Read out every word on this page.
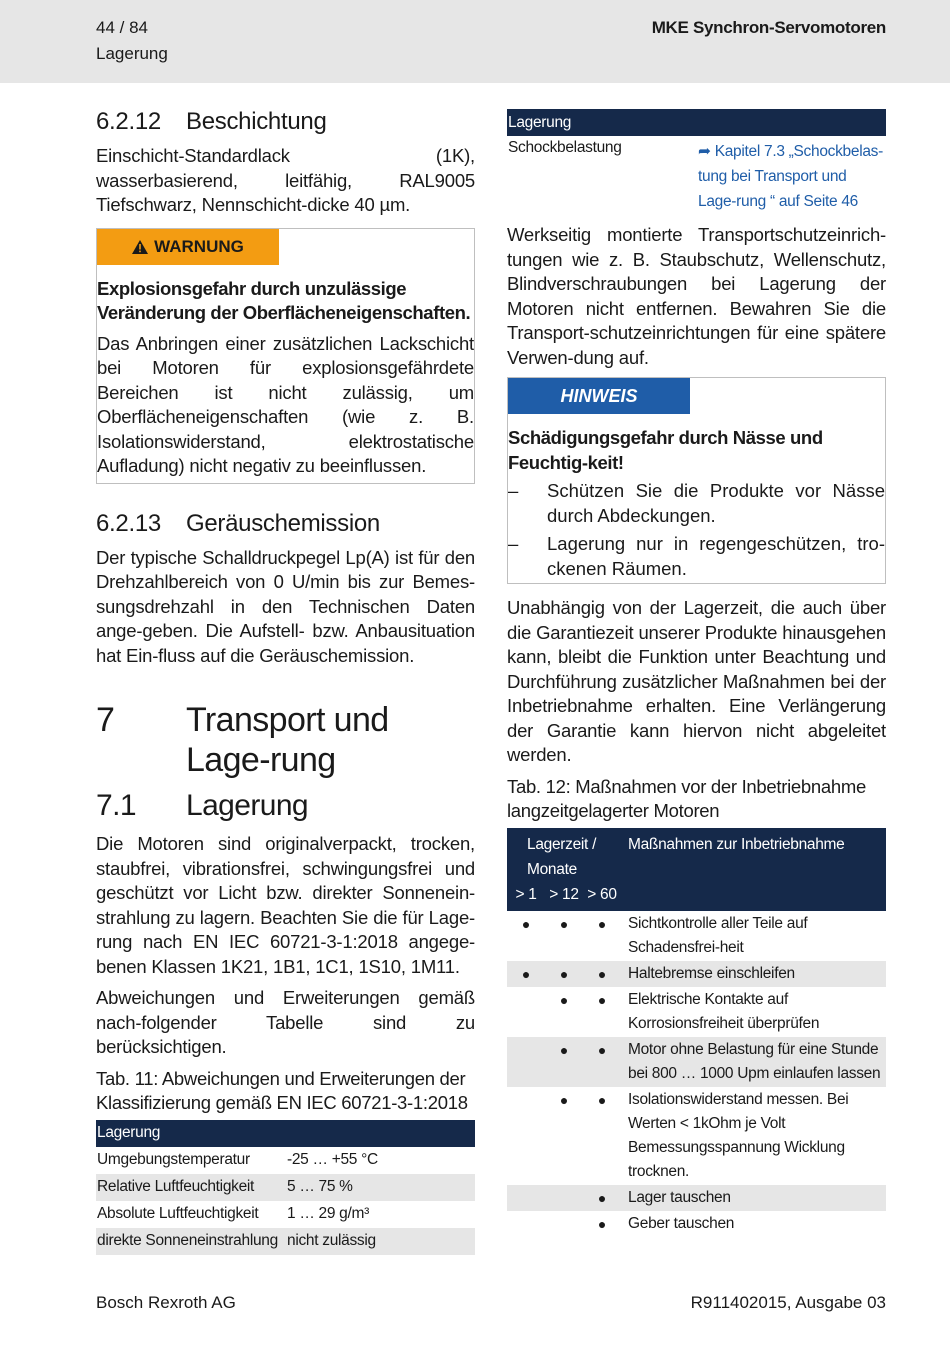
44 / 84
Lagerung
MKE Synchron-Servomotoren
6.2.12	Beschichtung
Einschicht-Standardlack (1K), wasserbasierend, leitfähig, RAL9005 Tiefschwarz, Nennschicht-dicke 40 µm.
WARNUNG
Explosionsgefahr durch unzulässige Veränderung der Oberflächeneigenschaften.
Das Anbringen einer zusätzlichen Lackschicht bei Motoren für explosionsgefährdete Bereichen ist nicht zulässig, um Oberflächeneigenschaften (wie z. B. Isolationswiderstand, elektrostatische Aufladung) nicht negativ zu beeinflussen.
6.2.13	Geräuschemission
Der typische Schalldruckpegel Lp(A) ist für den Drehzahlbereich von 0 U/min bis zur Bemes-sungsdrehzahl in den Technischen Daten ange-geben. Die Aufstell- bzw. Anbausituation hat Ein-fluss auf die Geräuschemission.
7	Transport und Lage-rung
7.1	Lagerung
Die Motoren sind originalverpackt, trocken, staubfrei, vibrationsfrei, schwingungsfrei und geschützt vor Licht bzw. direkter Sonnenein-strahlung zu lagern. Beachten Sie die für Lage-rung nach EN IEC 60721-3-1:2018 angege-benen Klassen 1K21, 1B1, 1C1, 1S10, 1M11.
Abweichungen und Erweiterungen gemäß nach-folgender Tabelle sind zu berücksichtigen.
Tab. 11: Abweichungen und Erweiterungen der Klassifizierung gemäß EN IEC 60721-3-1:2018
Lagerung	
Umgebungstemperatur	-25 … +55 °C
Relative Luftfeuchtigkeit	5 … 75 %
Absolute Luftfeuchtigkeit	1 … 29 g/m³
direkte Sonneneinstrahlung	nicht zulässig
Lagerung
Schockbelastung	➦ Kapitel 7.3 „Schockbelas-tung bei Transport und Lage-rung “ auf Seite 46
Werkseitig montierte Transportschutzeinrich-tungen wie z. B. Staubschutz, Wellenschutz, Blindverschraubungen bei Lagerung der Motoren nicht entfernen. Bewahren Sie die Transport-schutzeinrichtungen für eine spätere Verwen-dung auf.
HINWEIS
Schädigungsgefahr durch Nässe und Feuchtig-keit!
–	Schützen Sie die Produkte vor Nässe durch Abdeckungen.
–	Lagerung nur in regengeschützen, tro-ckenen Räumen.
Unabhängig von der Lagerzeit, die auch über die Garantiezeit unserer Produkte hinausgehen kann, bleibt die Funktion unter Beachtung und Durchführung zusätzlicher Maßnahmen bei der Inbetriebnahme erhalten. Eine Verlängerung der Garantie kann hiervon nicht abgeleitet werden.
Tab. 12: Maßnahmen vor der Inbetriebnahme langzeitgelagerter Motoren
Lagerzeit / Monate			Maßnahmen zur Inbetriebnahme
> 1	> 12	> 60	
●	●	●	Sichtkontrolle aller Teile auf Schadensfrei-heit
●	●	●	Haltebremse einschleifen
	●	●	Elektrische Kontakte auf Korrosionsfreiheit überprüfen
	●	●	Motor ohne Belastung für eine Stunde bei 800 … 1000 Upm einlaufen lassen
	●	●	Isolationswiderstand messen. Bei Werten < 1kOhm je Volt Bemessungsspannung Wicklung trocknen.
		●	Lager tauschen
		●	Geber tauschen
Bosch Rexroth AG	R911402015, Ausgabe 03
